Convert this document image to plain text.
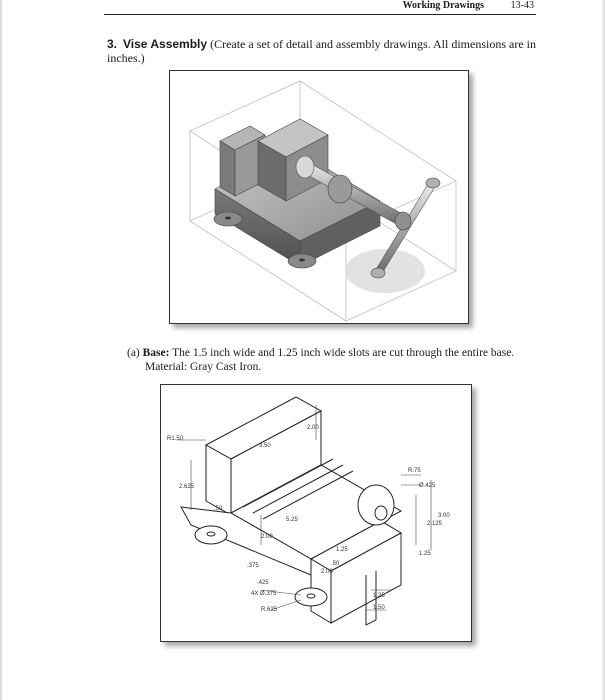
Working Drawings	13-43
3. Vise Assembly (Create a set of detail and assembly drawings. All dimensions are in inches.)
(a) Base: The 1.5 inch wide and 1.25 inch wide slots are cut through the entire base.
Material: Gray Cast Iron.
R1.50
3.50
2.00
2.625
.50
5.25
2.00
.375
.425
4X Ø.375
R.625
R.75
Ø.425
3.00
2.125
1.25
1.25
.50
2.00
1.25
1.50
